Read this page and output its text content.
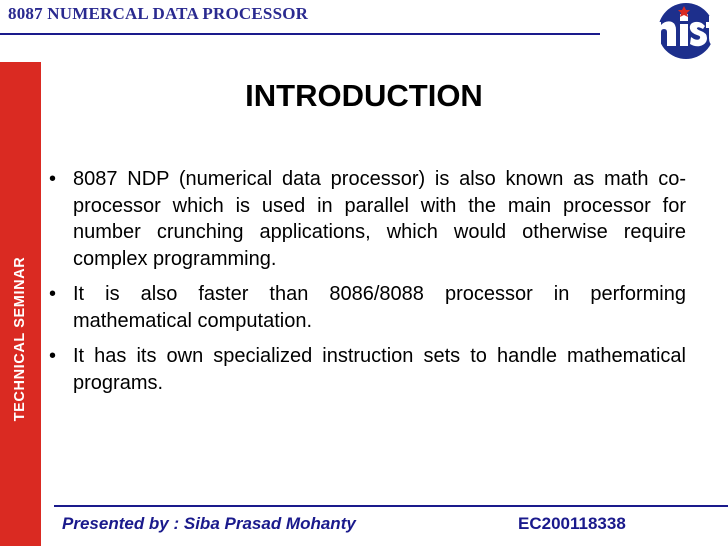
8087 NUMERCAL DATA PROCESSOR
TECHNICAL SEMINAR
INTRODUCTION
• 8087 NDP (numerical data processor) is also known as math co-processor which is used in parallel with the main processor for number crunching applications, which would otherwise require complex programming.
• It is also faster than 8086/8088 processor in performing mathematical computation.
• It has its own specialized instruction sets to handle mathematical programs.
Presented by : Siba Prasad Mohanty	EC200118338
